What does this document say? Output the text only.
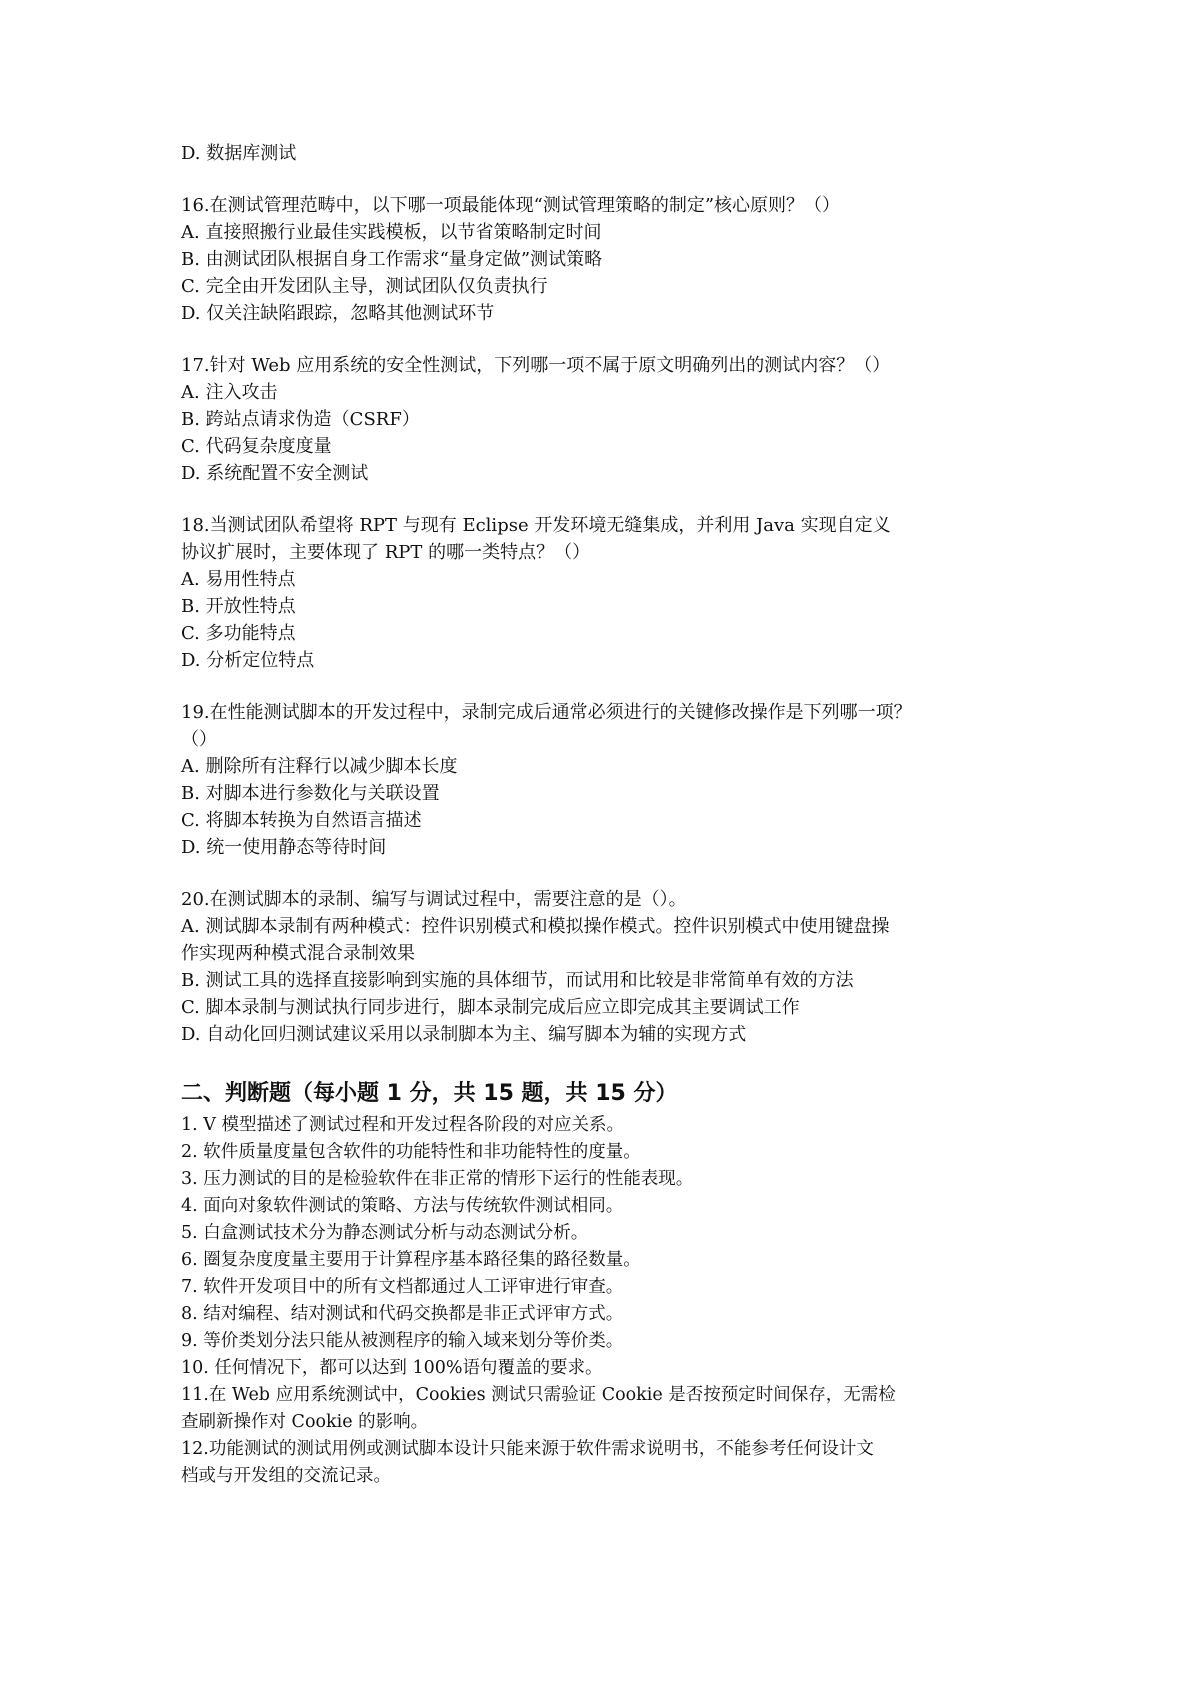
D. 数据库测试

16.在测试管理范畴中，以下哪一项最能体现“测试管理策略的制定”核心原则？（）

A. 直接照搬行业最佳实践模板，以节省策略制定时间

B. 由测试团队根据自身工作需求“量身定做”测试策略

C. 完全由开发团队主导，测试团队仅负责执行

D. 仅关注缺陷跟踪，忽略其他测试环节

17.针对 Web 应用系统的安全性测试，下列哪一项不属于原文明确列出的测试内容？（）

A. 注入攻击

B. 跨站点请求伪造（CSRF）

C. 代码复杂度度量

D. 系统配置不安全测试

18.当测试团队希望将 RPT 与现有 Eclipse 开发环境无缝集成，并利用 Java 实现自定义

协议扩展时，主要体现了 RPT 的哪一类特点？（）

A. 易用性特点

B. 开放性特点

C. 多功能特点

D. 分析定位特点

19.在性能测试脚本的开发过程中，录制完成后通常必须进行的关键修改操作是下列哪一项？

（）

A. 删除所有注释行以减少脚本长度

B. 对脚本进行参数化与关联设置

C. 将脚本转换为自然语言描述

D. 统一使用静态等待时间

20.在测试脚本的录制、编写与调试过程中，需要注意的是（）。

A. 测试脚本录制有两种模式：控件识别模式和模拟操作模式。控件识别模式中使用键盘操

作实现两种模式混合录制效果

B. 测试工具的选择直接影响到实施的具体细节，而试用和比较是非常简单有效的方法

C. 脚本录制与测试执行同步进行，脚本录制完成后应立即完成其主要调试工作

D. 自动化回归测试建议采用以录制脚本为主、编写脚本为辅的实现方式

二、判断题（每小题 1 分，共 15 题，共 15 分）

1. V 模型描述了测试过程和开发过程各阶段的对应关系。

2. 软件质量度量包含软件的功能特性和非功能特性的度量。

3. 压力测试的目的是检验软件在非正常的情形下运行的性能表现。

4. 面向对象软件测试的策略、方法与传统软件测试相同。

5. 白盒测试技术分为静态测试分析与动态测试分析。

6. 圈复杂度度量主要用于计算程序基本路径集的路径数量。

7. 软件开发项目中的所有文档都通过人工评审进行审查。

8. 结对编程、结对测试和代码交换都是非正式评审方式。

9. 等价类划分法只能从被测程序的输入域来划分等价类。

10. 任何情况下，都可以达到 100%语句覆盖的要求。

11.在 Web 应用系统测试中，Cookies 测试只需验证 Cookie 是否按预定时间保存，无需检

查刷新操作对 Cookie 的影响。

12.功能测试的测试用例或测试脚本设计只能来源于软件需求说明书，不能参考任何设计文

档或与开发组的交流记录。
